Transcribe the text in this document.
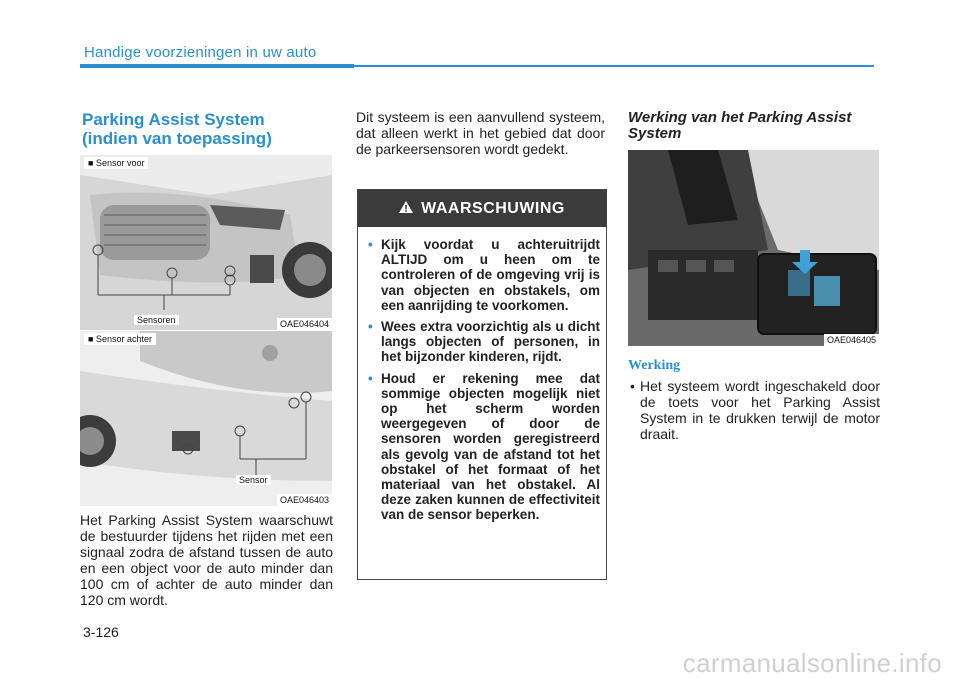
Handige voorzieningen in uw auto
Parking Assist System
(indien van toepassing)
■ Sensor voor
Sensoren	OAE046404
■ Sensor achter
Sensor
OAE046403
Het Parking Assist System waarschuwt de bestuurder tijdens het rijden met een signaal zodra de afstand tussen de auto en een object voor de auto minder dan 100 cm of achter de auto minder dan 120 cm wordt.
Dit systeem is een aanvullend systeem, dat alleen werkt in het gebied dat door de parkeersensoren wordt gedekt.
WAARSCHUWING
• Kijk voordat u achteruitrijdt ALTIJD om u heen om te controleren of de omgeving vrij is van objecten en obstakels, om een aanrijding te voorkomen.
• Wees extra voorzichtig als u dicht langs objecten of personen, in het bijzonder kinderen, rijdt.
• Houd er rekening mee dat sommige objecten mogelijk niet op het scherm worden weergegeven of door de sensoren worden geregistreerd als gevolg van de afstand tot het obstakel of het formaat of het materiaal van het obstakel. Al deze zaken kunnen de effectiviteit van de sensor beperken.
Werking van het Parking Assist System
OAE046405
Werking
• Het systeem wordt ingeschakeld door de toets voor het Parking Assist System in te drukken terwijl de motor draait.
3-126
carmanualsonline.info
